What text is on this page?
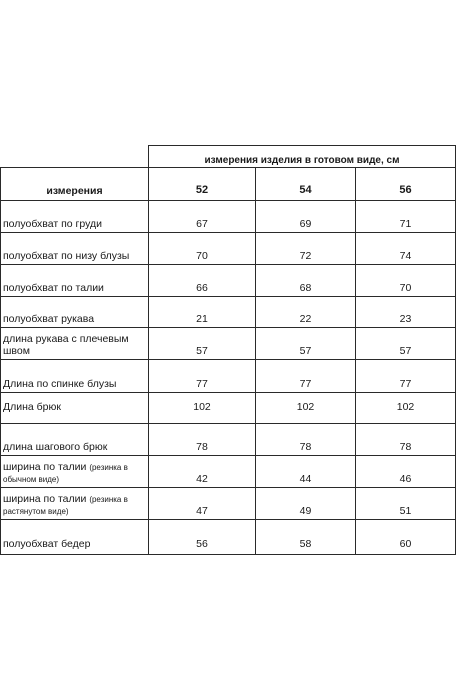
	измерения изделия в готовом виде, см		
измерения	52	54	56
полуобхват по груди	67	69	71
полуобхват по низу блузы	70	72	74
полуобхват по талии	66	68	70
полуобхват рукава	21	22	23
длина рукава с плечевым швом	57	57	57
Длина по спинке блузы	77	77	77
Длина брюк	102	102	102
длина шагового брюк	78	78	78
ширина по талии (резинка в обычном виде)	42	44	46
ширина по талии (резинка в растянутом виде)	47	49	51
полуобхват бедер	56	58	60
